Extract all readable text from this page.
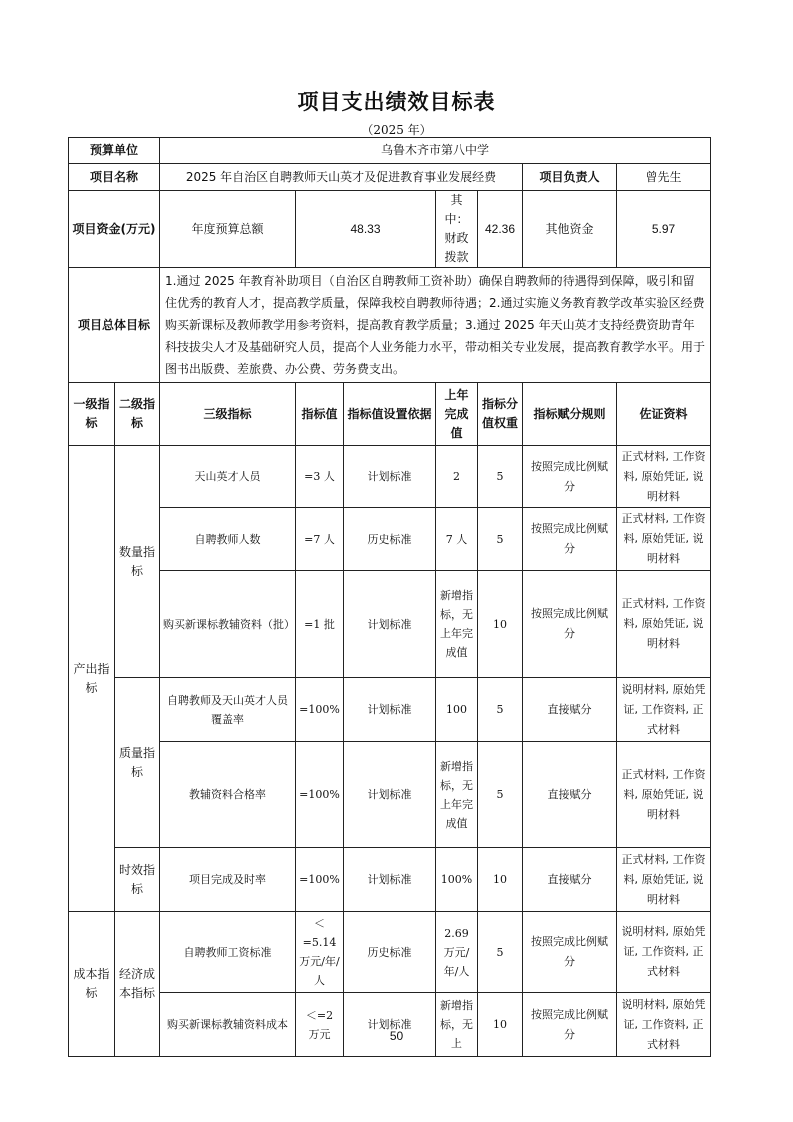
项目支出绩效目标表
（2025 年）
预算单位		乌鲁木齐市第八中学						
项目名称		2025 年自治区自聘教师天山英才及促进教育事业发展经费					项目负责人	曾先生
项目资金(万元)		年度预算总额	48.33		其中：财政拨款	42.36	其他资金	5.97
项目总体目标		1.通过 2025 年教育补助项目（自治区自聘教师工资补助）确保自聘教师的待遇得到保障，吸引和留住优秀的教育人才，提高教学质量，保障我校自聘教师待遇；2.通过实施义务教育教学改革实验区经费购买新课标及教师教学用参考资料，提高教育教学质量；3.通过 2025 年天山英才支持经费资助青年科技拔尖人才及基础研究人员，提高个人业务能力水平，带动相关专业发展，提高教育教学水平。用于图书出版费、差旅费、办公费、劳务费支出。						
一级指标	二级指标	三级指标	指标值	指标值设置依据	上年完成值	指标分值权重	指标赋分规则	佐证资料
产出指标	数量指标	天山英才人员	=3 人	计划标准	2	5	按照完成比例赋分	正式材料, 工作资料, 原始凭证, 说明材料
		自聘教师人数	=7 人	历史标准	7 人	5	按照完成比例赋分	正式材料, 工作资料, 原始凭证, 说明材料
		购买新课标教辅资料（批）	=1 批	计划标准	新增指标，无上年完成值	10	按照完成比例赋分	正式材料, 工作资料, 原始凭证, 说明材料
	质量指标	自聘教师及天山英才人员覆盖率	=100%	计划标准	100	5	直接赋分	说明材料, 原始凭证, 工作资料, 正式材料
		教辅资料合格率	=100%	计划标准	新增指标，无上年完成值	5	直接赋分	正式材料, 工作资料, 原始凭证, 说明材料
	时效指标	项目完成及时率	=100%	计划标准	100%	10	直接赋分	正式材料, 工作资料, 原始凭证, 说明材料
成本指标	经济成本指标	自聘教师工资标准	＜=5.14 万元/年/人	历史标准	2.69 万元/年/人	5	按照完成比例赋分	说明材料, 原始凭证, 工作资料, 正式材料
		购买新课标教辅资料成本	＜=2 万元	计划标准	新增指标，无上	10	按照完成比例赋分	说明材料, 原始凭证, 工作资料, 正式材料
50
